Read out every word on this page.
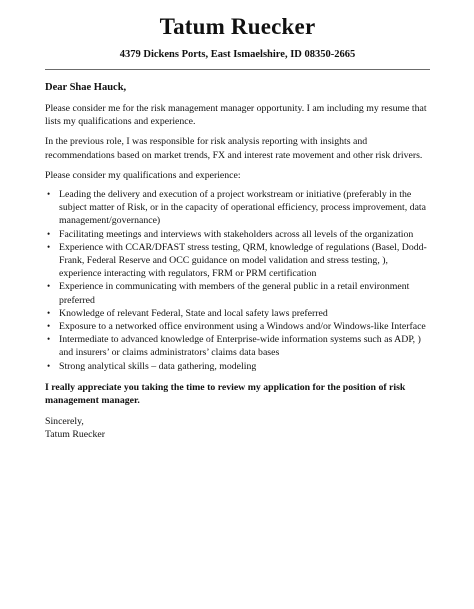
Tatum Ruecker
4379 Dickens Ports, East Ismaelshire, ID 08350-2665
Dear Shae Hauck,

Please consider me for the risk management manager opportunity. I am including my resume that lists my qualifications and experience.

In the previous role, I was responsible for risk analysis reporting with insights and recommendations based on market trends, FX and interest rate movement and other risk drivers.

Please consider my qualifications and experience:

• Leading the delivery and execution of a project workstream or initiative (preferably in the subject matter of Risk, or in the capacity of operational efficiency, process improvement, data management/governance)
• Facilitating meetings and interviews with stakeholders across all levels of the organization
• Experience with CCAR/DFAST stress testing, QRM, knowledge of regulations (Basel, Dodd-Frank, Federal Reserve and OCC guidance on model validation and stress testing, ), experience interacting with regulators, FRM or PRM certification
• Experience in communicating with members of the general public in a retail environment preferred
• Knowledge of relevant Federal, State and local safety laws preferred
• Exposure to a networked office environment using a Windows and/or Windows-like Interface
• Intermediate to advanced knowledge of Enterprise-wide information systems such as ADP, ) and insurers’ or claims administrators’ claims data bases
• Strong analytical skills – data gathering, modeling

I really appreciate you taking the time to review my application for the position of risk management manager.

Sincerely,
Tatum Ruecker
